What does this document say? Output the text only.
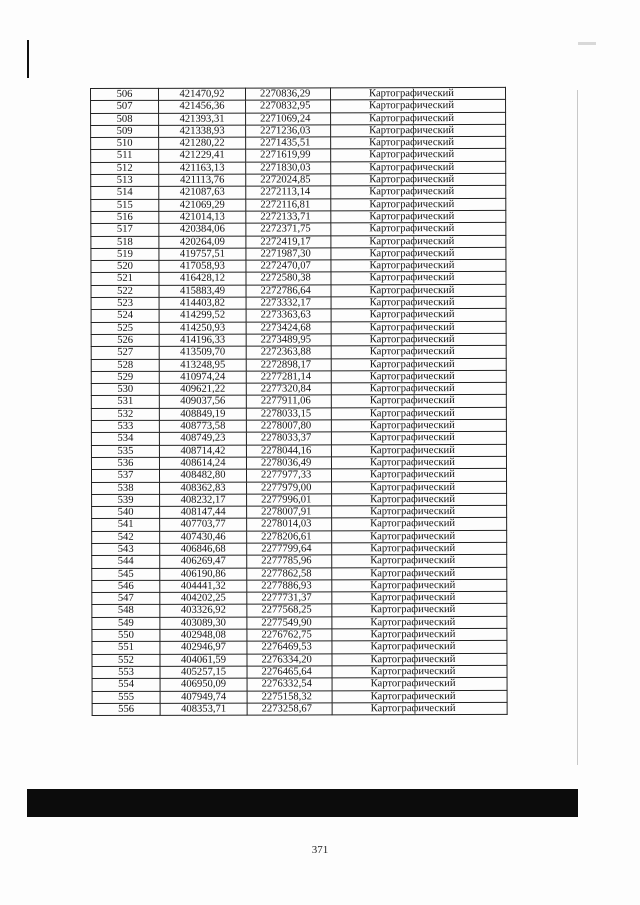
506	421470,92	2270836,29	Картографический
507	421456,36	2270832,95	Картографический
508	421393,31	2271069,24	Картографический
509	421338,93	2271236,03	Картографический
510	421280,22	2271435,51	Картографический
511	421229,41	2271619,99	Картографический
512	421163,13	2271830,03	Картографический
513	421113,76	2272024,85	Картографический
514	421087,63	2272113,14	Картографический
515	421069,29	2272116,81	Картографический
516	421014,13	2272133,71	Картографический
517	420384,06	2272371,75	Картографический
518	420264,09	2272419,17	Картографический
519	419757,51	2271987,30	Картографический
520	417058,93	2272470,07	Картографический
521	416428,12	2272580,38	Картографический
522	415883,49	2272786,64	Картографический
523	414403,82	2273332,17	Картографический
524	414299,52	2273363,63	Картографический
525	414250,93	2273424,68	Картографический
526	414196,33	2273489,95	Картографический
527	413509,70	2272363,88	Картографический
528	413248,95	2272898,17	Картографический
529	410974,24	2277281,14	Картографический
530	409621,22	2277320,84	Картографический
531	409037,56	2277911,06	Картографический
532	408849,19	2278033,15	Картографический
533	408773,58	2278007,80	Картографический
534	408749,23	2278033,37	Картографический
535	408714,42	2278044,16	Картографический
536	408614,24	2278036,49	Картографический
537	408482,80	2277977,33	Картографический
538	408362,83	2277979,00	Картографический
539	408232,17	2277996,01	Картографический
540	408147,44	2278007,91	Картографический
541	407703,77	2278014,03	Картографический
542	407430,46	2278206,61	Картографический
543	406846,68	2277799,64	Картографический
544	406269,47	2277785,96	Картографический
545	406190,86	2277862,58	Картографический
546	404441,32	2277886,93	Картографический
547	404202,25	2277731,37	Картографический
548	403326,92	2277568,25	Картографический
549	403089,30	2277549,90	Картографический
550	402948,08	2276762,75	Картографический
551	402946,97	2276469,53	Картографический
552	404061,59	2276334,20	Картографический
553	405257,15	2276465,64	Картографический
554	406950,09	2276332,54	Картографический
555	407949,74	2275158,32	Картографический
556	408353,71	2273258,67	Картографический
371
